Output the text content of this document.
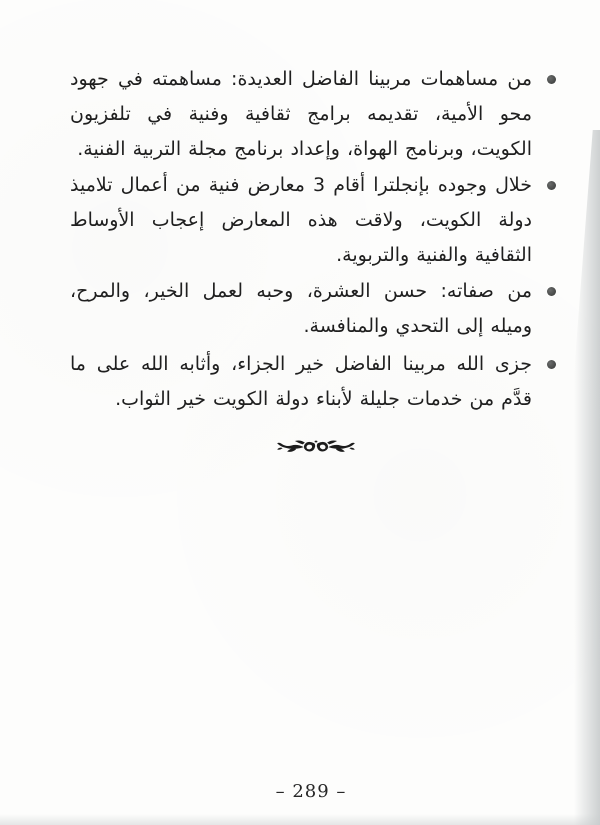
من مساهمات مربينا الفاضل العديدة: مساهمته في جهود محو الأمية، تقديمه برامج ثقافية وفنية في تلفزيون الكويت، وبرنامج الهواة، وإعداد برنامج مجلة التربية الفنية.
خلال وجوده بإنجلترا أقام 3 معارض فنية من أعمال تلاميذ دولة الكويت، ولاقت هذه المعارض إعجاب الأوساط الثقافية والفنية والتربوية.
من صفاته: حسن العشرة، وحبه لعمل الخير، والمرح، وميله إلى التحدي والمنافسة.
جزى الله مربينا الفاضل خير الجزاء، وأثابه الله على ما قدَّم من خدمات جليلة لأبناء دولة الكويت خير الثواب.
– 289 –
